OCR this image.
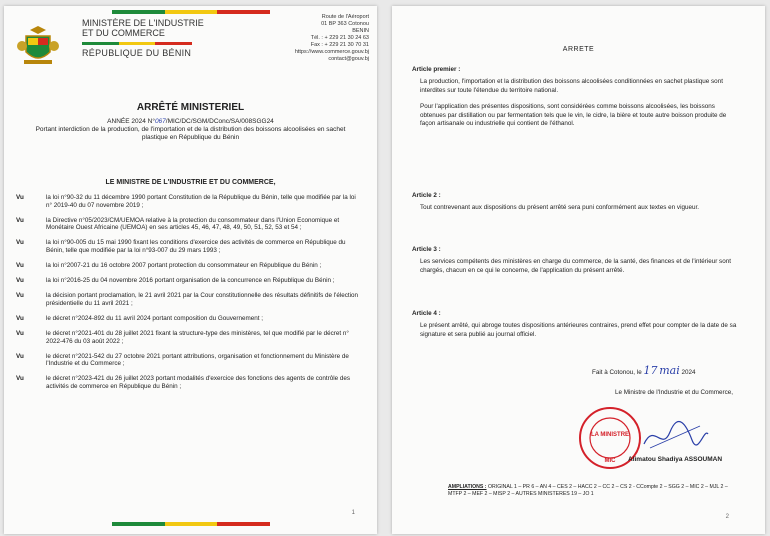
MINISTÈRE DE L'INDUSTRIE
ET DU COMMERCE
RÉPUBLIQUE DU BÉNIN
Route de l'Aéroport
01 BP 363 Cotonou
BENIN
Tél. : + 229 21 30 24 63
Fax : + 229 21 30 70 31
https://www.commerce.gouv.bj
contact@gouv.bj
ARRÊTÉ MINISTERIEL
ANNÉE 2024 N°067/MIC/DC/SGM/DConc/SA/008SGG24
Portant interdiction de la production, de l'importation et de la distribution des boissons alcoolisées en sachet plastique en République du Bénin
LE MINISTRE DE L'INDUSTRIE ET DU COMMERCE,
Vu	la loi n°90-32 du 11 décembre 1990 portant Constitution de la République du Bénin, telle que modifiée par la loi n° 2019-40 du 07 novembre 2019 ;
Vu	la Directive n°05/2023/CM/UEMOA relative à la protection du consommateur dans l'Union Economique et Monétaire Ouest Africaine (UEMOA) en ses articles 45, 46, 47, 48, 49, 50, 51, 52, 53 et 54 ;
Vu	la loi n°90-005 du 15 mai 1990 fixant les conditions d'exercice des activités de commerce en République du Bénin, telle que modifiée par la loi n°93-007 du 29 mars 1993 ;
Vu	la loi n°2007-21 du 16 octobre 2007 portant protection du consommateur en République du Bénin ;
Vu	la loi n°2016-25 du 04 novembre 2016 portant organisation de la concurrence en République du Bénin ;
Vu	la décision portant proclamation, le 21 avril 2021 par la Cour constitutionnelle des résultats définitifs de l'élection présidentielle du 11 avril 2021 ;
Vu	le décret n°2024-892 du 11 avril 2024 portant composition du Gouvernement ;
Vu	le décret n°2021-401 du 28 juillet 2021 fixant la structure-type des ministères, tel que modifié par le décret n° 2022-476 du 03 août 2022 ;
Vu	le décret n°2021-542 du 27 octobre 2021 portant attributions, organisation et fonctionnement du Ministère de l'Industrie et du Commerce ;
Vu	le décret n°2023-421 du 26 juillet 2023 portant modalités d'exercice des fonctions des agents de contrôle des activités de commerce en République du Bénin ;
1
ARRETE
Article premier :
La production, l'importation et la distribution des boissons alcoolisées conditionnées en sachet plastique sont interdites sur toute l'étendue du territoire national.
Pour l'application des présentes dispositions, sont considérées comme boissons alcoolisées, les boissons obtenues par distillation ou par fermentation tels que le vin, le cidre, la bière et toute autre boisson produite de façon artisanale ou industrielle qui contient de l'éthanol.
Article 2 :
Tout contrevenant aux dispositions du présent arrêté sera puni conformément aux textes en vigueur.
Article 3 :
Les services compétents des ministères en charge du commerce, de la santé, des finances et de l'intérieur sont chargés, chacun en ce qui le concerne, de l'application du présent arrêté.
Article 4 :
Le présent arrêté, qui abroge toutes dispositions antérieures contraires, prend effet pour compter de la date de sa signature et sera publié au journal officiel.
Fait à Cotonou, le 17 mai 2024
Le Ministre de l'Industrie et du Commerce,
LA MINISTRE
MIC Alimatou Shadiya ASSOUMAN
AMPLIATIONS : ORIGINAL 1 – PR 6 – AN 4 – CES 2 – HACC 2 – CC 2 – CS 2 - CCompte 2 – SGG 2 – MIC 2 – MJL 2 – MTFP 2 – MEF 2 – MISP 2 – AUTRES MINISTERES 19 – JO 1
2
